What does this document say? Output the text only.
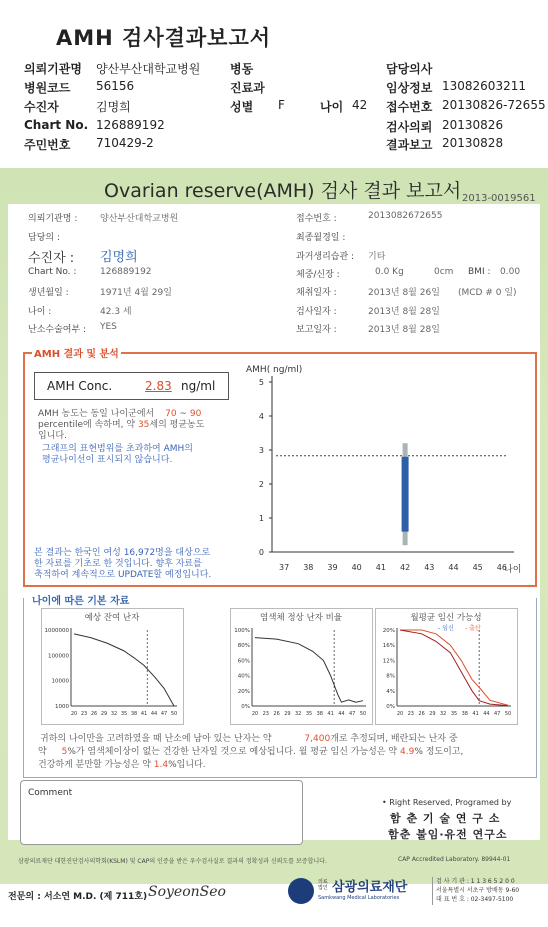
AMH 검사결과보고서
의뢰기관명 양산부산대학교병원 병동	담당의사
병원코드 56156	진료과	임상정보 13082603211
수진자	김명희	성별 F	나이 42 접수번호 20130826-72655
Chart No. 126889192	검사의뢰 20130826
주민번호 710429-2	결과보고 20130828
Ovarian reserve(AMH) 검사 결과 보고서 2013-0019561
의뢰기관명 :	양산부산대학교병원	접수번호 :	2013082672655
담당의 :	최종월경일 :
수진자 : 김명희	과거생리습관 : 기타
Chart No. :	126889192	체중/신장 :	0.0 Kg	0cm BMI : 0.00
생년월일 :	1971년 4월 29일	채취일자 :	2013년 8월 26일 (MCD # 0 일)
나이 :	42.3 세	검사일자 :	2013년 8월 28일
난소수술여부 : YES	보고일자 :	2013년 8월 28일
AMH 결과 및 분석
AMH Conc.	2.83 ng/ml
AMH 농도는 동일 나이군에서 70 ~ 90
percentile에 속하며, 약 35세의 평균농도
입니다.
그래프의 표현범위를 초과하여 AMH의
평균나이선이 표시되지 않습니다.
본 결과는 한국인 여성 16,972명을 대상으로
한 자료를 기초로 한 것입니다. 향후 자료를
축적하여 계속적으로 UPDATE할 예정입니다.
AMH( ng/ml)
0
1
2
3
4
5
37 38 39 40 41 42 43 44 45 46
나이
나이에 따른 기본 자료
예상 잔여 난자
1000000
100000
10000
1000
20 23 26 29 32 35 38 41 44 47 50
염색체 정상 난자 비율
100%
80%
60%
40%
20%
0%
20 23 26 29 32 35 38 41 44 47 50
월평균 임신 가능성
20%
16%
12%
8%
4%
0%
20 23 26 29 32 35 38 41 44 47 50
- 임신 - 출산
귀하의 나이만을 고려하였을 때 난소에 남아 있는 난자는 약	7,400개로 추정되며, 배란되는 난자 중
약 5%가 염색체이상이 없는 건강한 난자일 것으로 예상됩니다. 월 평균 임신 가능성은 약 4.9% 정도이고,
건강하게 분만할 가능성은 약 1.4%입니다.
Comment
• Right Reserved, Programed by
함 춘 기 술 연 구 소
함춘 불임·유전 연구소
삼광의료재단 대한진단검사의학회(KSLM) 및 CAP의 인증을 받은 우수검사실로 결과의 정확성과 신뢰도를 보증합니다.	CAP Accredited Laboratory. 89944-01
전문의 : 서소연 M.D. (제 711호) SoyeonSeo
의료법인 삼광의료재단
Samkwang Medical Laboratories
검 사 기 관 : 1 1 3 6 5 2 0 0
서울특별시 서초구 방배동 9-60
대 표 번 호 : 02-3497-5100
